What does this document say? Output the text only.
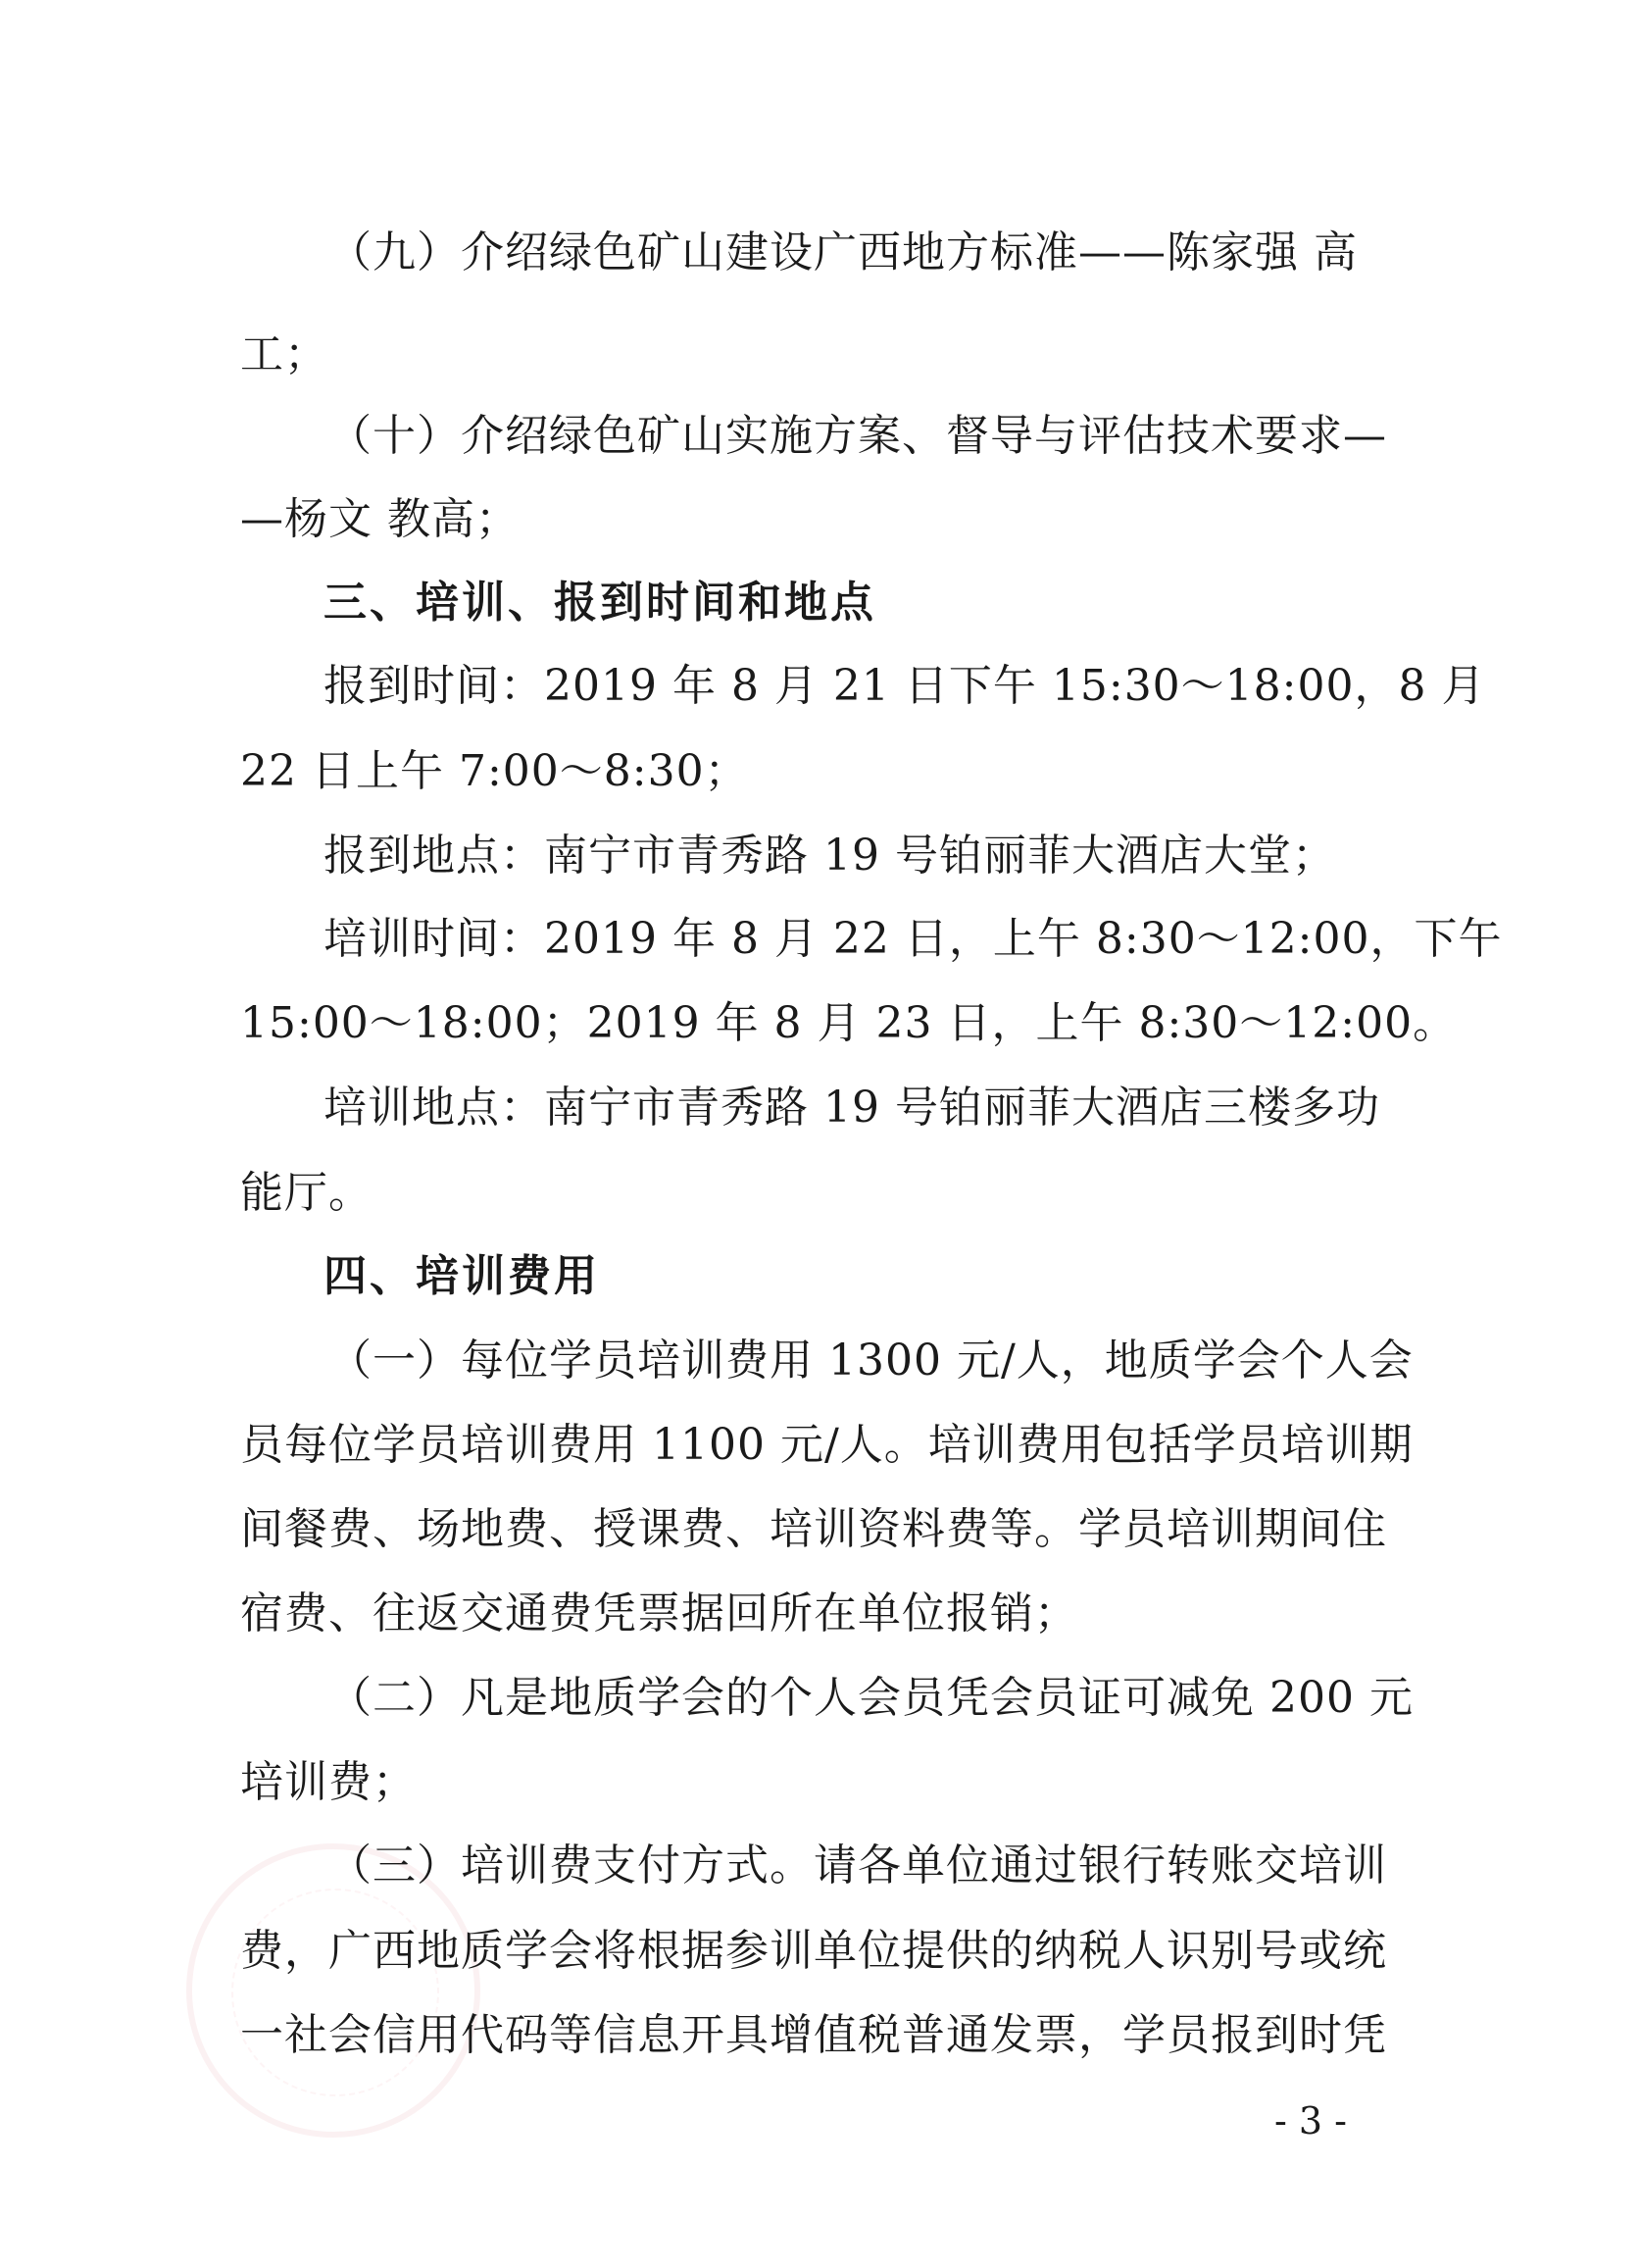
（九）介绍绿色矿山建设广西地方标准——陈家强 高
工；
（十）介绍绿色矿山实施方案、督导与评估技术要求—
—杨文 教高；
三、培训、报到时间和地点
报到时间：2019 年 8 月 21 日下午 15:30～18:00，8 月
22 日上午 7:00～8:30；
报到地点：南宁市青秀路 19 号铂丽菲大酒店大堂；
培训时间：2019 年 8 月 22 日，上午 8:30～12:00，下午
15:00～18:00；2019 年 8 月 23 日，上午 8:30～12:00。
培训地点：南宁市青秀路 19 号铂丽菲大酒店三楼多功
能厅。
四、培训费用
（一）每位学员培训费用 1300 元/人，地质学会个人会
员每位学员培训费用 1100 元/人。培训费用包括学员培训期
间餐费、场地费、授课费、培训资料费等。学员培训期间住
宿费、往返交通费凭票据回所在单位报销；
（二）凡是地质学会的个人会员凭会员证可减免 200 元
培训费；
（三）培训费支付方式。请各单位通过银行转账交培训
费，广西地质学会将根据参训单位提供的纳税人识别号或统
一社会信用代码等信息开具增值税普通发票，学员报到时凭
- 3 -
